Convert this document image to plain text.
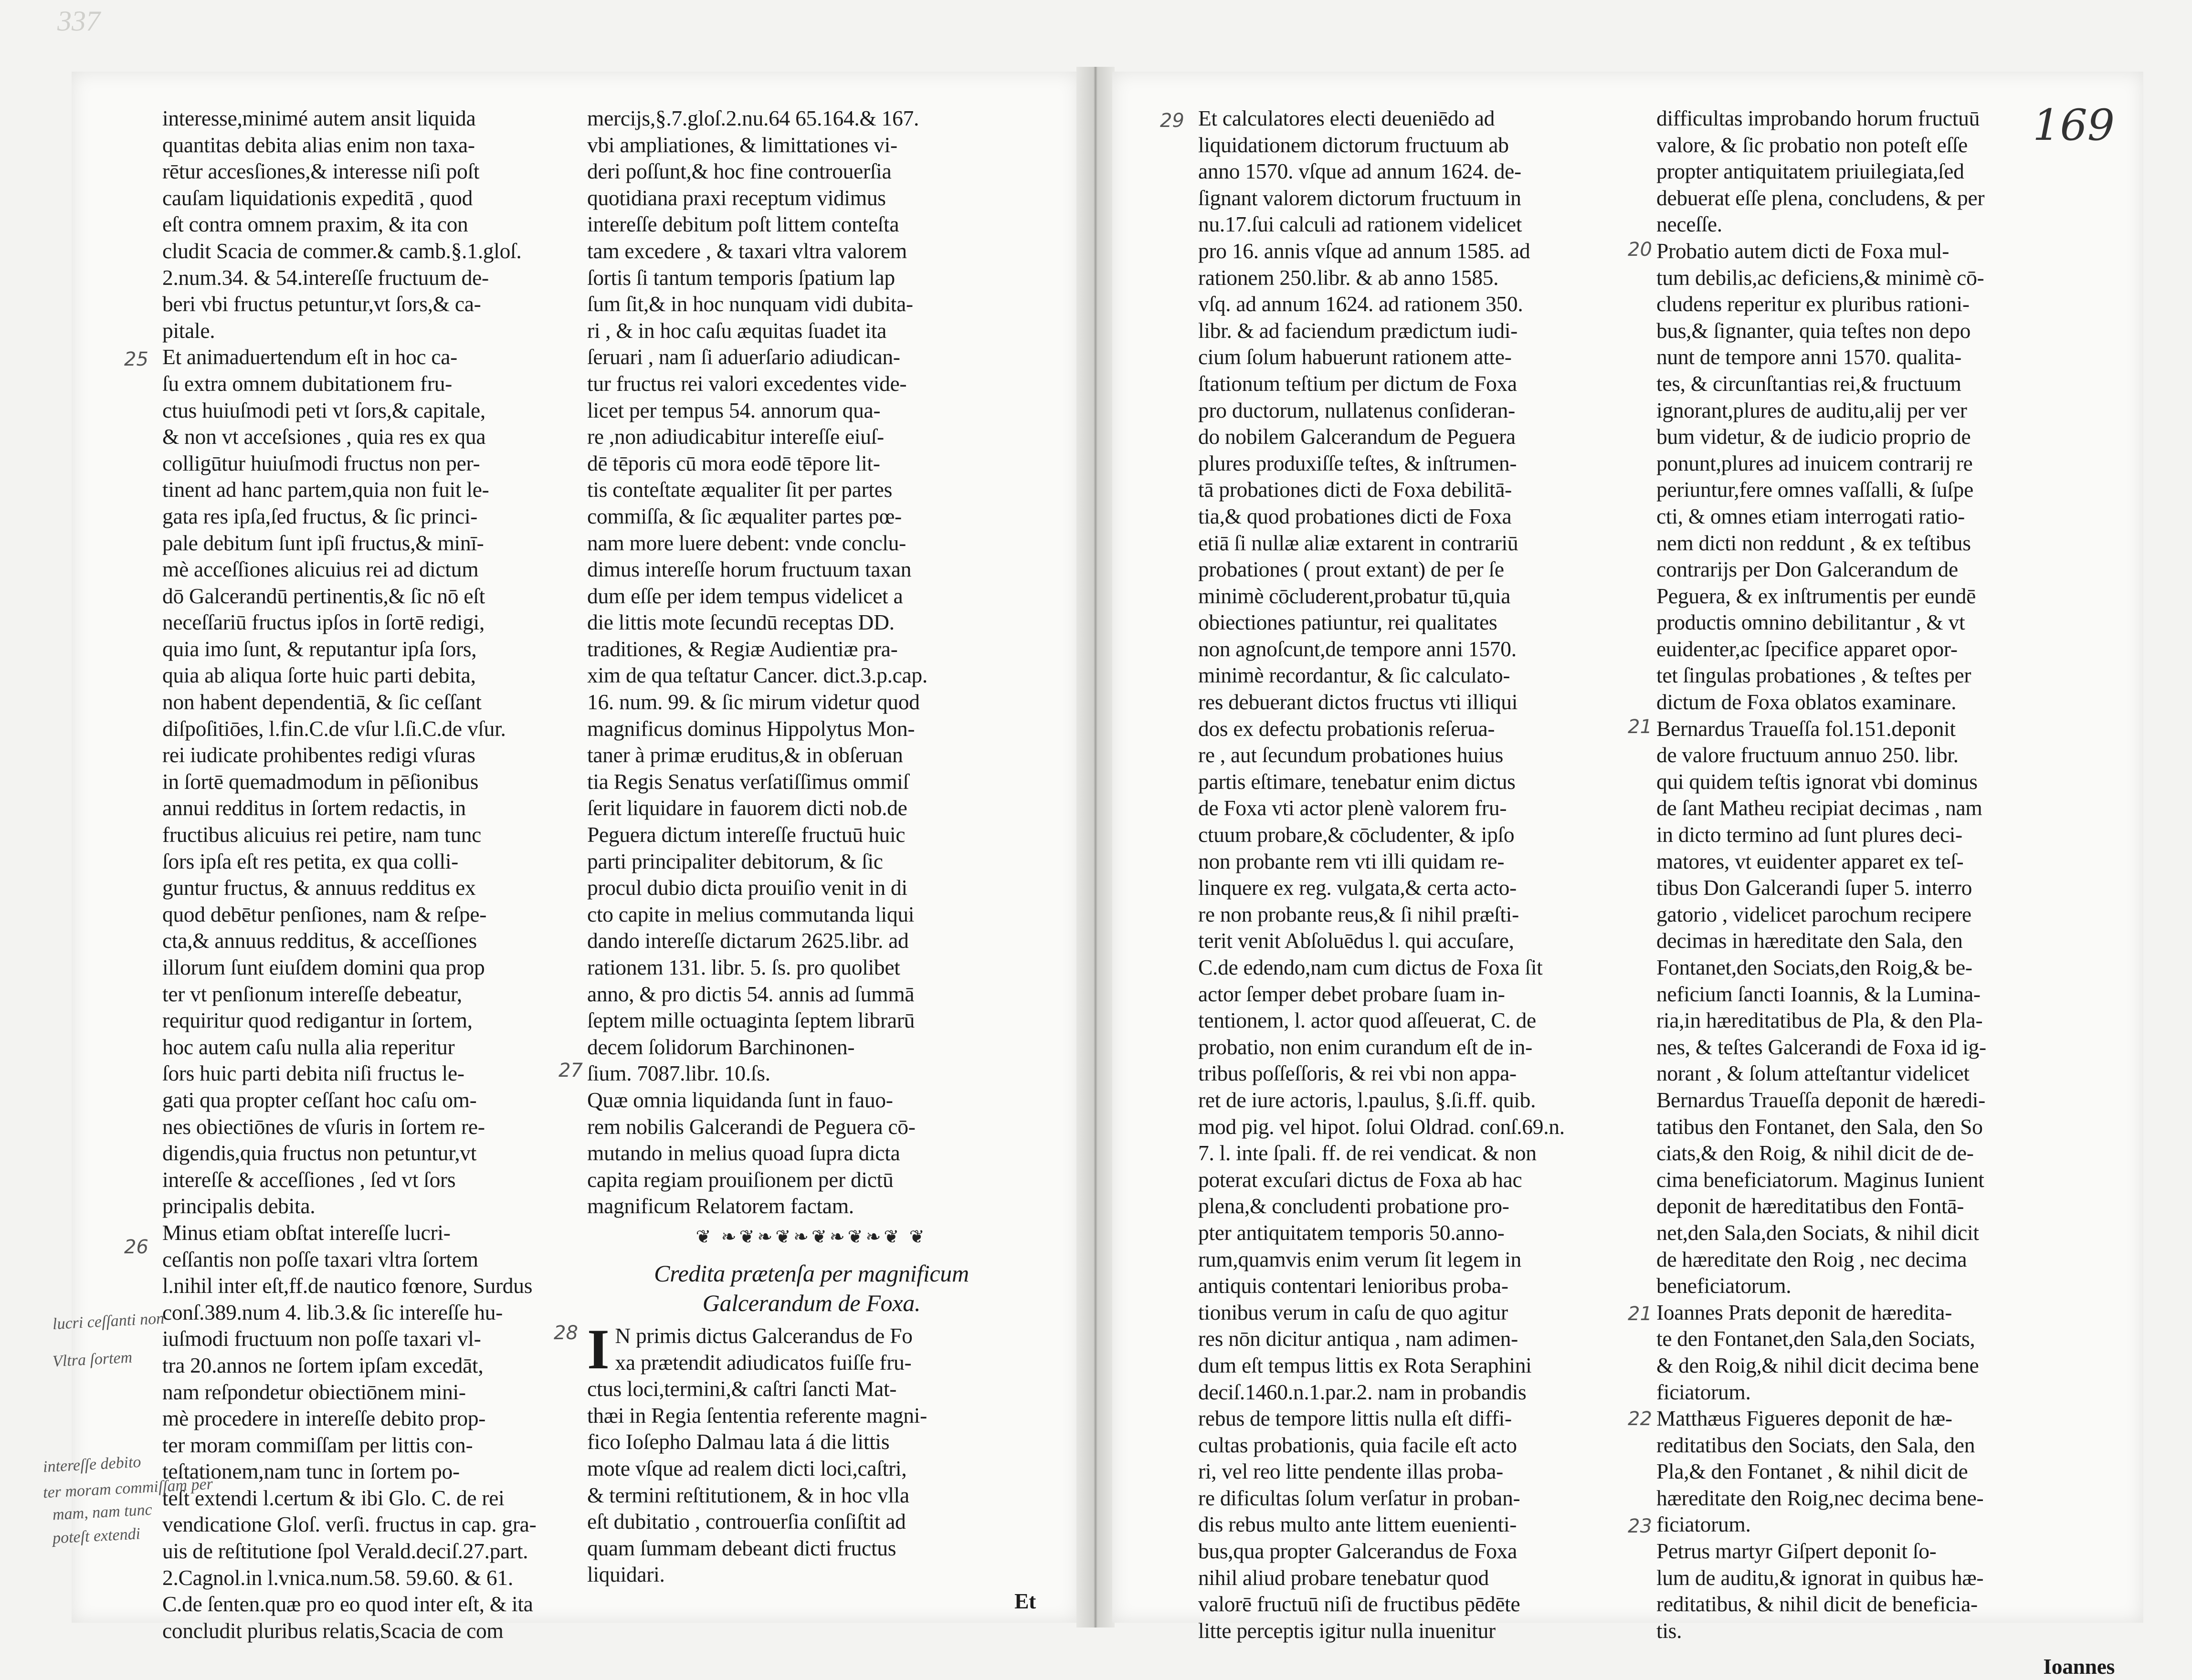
337
interesse,minimé autem ansit liquida
quantitas debita alias enim non taxa-
rētur accesſiones,& interesse niſi poſt
cauſam liquidationis expeditā , quod
eſt contra omnem praxim, & ita con
cludit Scacia de commer.& camb.§.1.gloſ.
2.num.34. & 54.intereſſe fructuum de-
beri vbi fructus petuntur,vt ſors,& ca-
pitale.
Et animaduertendum eſt in hoc ca-
ſu extra omnem dubitationem fru-
ctus huiuſmodi peti vt ſors,& capitale,
& non vt acceſsiones , quia res ex qua
colligūtur huiuſmodi fructus non per-
tinent ad hanc partem,quia non fuit le-
gata res ipſa,ſed fructus, & ſic princi-
pale debitum ſunt ipſi fructus,& minī-
mè acceſſiones alicuius rei ad dictum
dō Galcerandū pertinentis,& ſic nō eſt
neceſſariū fructus ipſos in ſortē redigi,
quia imo ſunt, & reputantur ipſa ſors,
quia ab aliqua ſorte huic parti debita,
non habent dependentiā, & ſic ceſſant
diſpoſitiōes, l.fin.C.de vſur l.ſi.C.de vſur.
rei iudicate prohibentes redigi vſuras
in ſortē quemadmodum in pēſionibus
annui redditus in ſortem redactis, in
fructibus alicuius rei petire, nam tunc
ſors ipſa eſt res petita, ex qua colli-
guntur fructus, & annuus redditus ex
quod debētur penſiones, nam & reſpe-
cta,& annuus redditus, & acceſſiones
illorum ſunt eiuſdem domini qua prop
ter vt penſionum intereſſe debeatur,
requiritur quod redigantur in ſortem,
hoc autem caſu nulla alia reperitur
ſors huic parti debita niſi fructus le-
gati qua propter ceſſant hoc caſu om-
nes obiectiōnes de vſuris in ſortem re-
digendis,quia fructus non petuntur,vt
intereſſe & acceſſiones , ſed vt ſors
principalis debita.
Minus etiam obſtat intereſſe lucri-
ceſſantis non poſſe taxari vltra ſortem
l.nihil inter eſt,ff.de nautico fœnore, Surdus
conſ.389.num 4. lib.3.& ſic intereſſe hu-
iuſmodi fructuum non poſſe taxari vl-
tra 20.annos ne ſortem ipſam excedāt,
nam reſpondetur obiectiōnem mini-
mè procedere in intereſſe debito prop-
ter moram commiſſam per littis con-
teſtationem,nam tunc in ſortem po-
teſt extendi l.certum & ibi Glo. C. de rei
vendicatione Gloſ. verſi. fructus in cap. gra-
uis de reſtitutione ſpol Verald.deciſ.27.part.
2.Cagnol.in l.vnica.num.58. 59.60. & 61.
C.de ſenten.quæ pro eo quod inter eſt, & ita
concludit pluribus relatis,Scacia de com
mercijs,§.7.gloſ.2.nu.64 65.164.& 167.
vbi ampliationes, & limittationes vi-
deri poſſunt,& hoc fine controuerſia
quotidiana praxi receptum vidimus
intereſſe debitum poſt littem conteſta
tam excedere , & taxari vltra valorem
ſortis ſi tantum temporis ſpatium lap
ſum ſit,& in hoc nunquam vidi dubita-
ri , & in hoc caſu æquitas ſuadet ita
ſeruari , nam ſi aduerſario adiudican-
tur fructus rei valori excedentes vide-
licet per tempus 54. annorum qua-
re ,non adiudicabitur intereſſe eiuſ-
dē tēporis cū mora eodē tēpore lit-
tis conteſtate æqualiter ſit per partes
commiſſa, & ſic æqualiter partes pœ-
nam more luere debent: vnde conclu-
dimus intereſſe horum fructuum taxan
dum eſſe per idem tempus videlicet a
die littis mote ſecundū receptas DD.
traditiones, & Regiæ Audientiæ pra-
xim de qua teſtatur Cancer. dict.3.p.cap.
16. num. 99. & ſic mirum videtur quod
magnificus dominus Hippolytus Mon-
taner à primæ eruditus,& in obſeruan
tia Regis Senatus verſatiſſimus ommiſ
ſerit liquidare in fauorem dicti nob.de
Peguera dictum intereſſe fructuū huic
parti principaliter debitorum, & ſic
procul dubio dicta prouiſio venit in di
cto capite in melius commutanda liqui
dando intereſſe dictarum 2625.libr. ad
rationem 131. libr. 5. ſs. pro quolibet
anno, & pro dictis 54. annis ad ſummā
ſeptem mille octuaginta ſeptem librarū
decem ſolidorum Barchinonen-
ſium. 7087.libr. 10.ſs.
Quæ omnia liquidanda ſunt in fauo-
rem nobilis Galcerandi de Peguera cō-
mutando in melius quoad ſupra dicta
capita regiam prouiſionem per dictū
magnificum Relatorem factam.
❦ ❧❦❧❦❧❦❧❦❧❦ ❦
Credita prætenſa per magnificum
Galcerandum de Foxa.
I N primis dictus Galcerandus de Fo
xa prætendit adiudicatos fuiſſe fru-
ctus loci,termini,& caſtri ſancti Mat-
thæi in Regia ſententia referente magni-
fico Ioſepho Dalmau lata á die littis
mote vſque ad realem dicti loci,caſtri,
& termini reſtitutionem, & in hoc vlla
eſt dubitatio , controuerſia conſiſtit ad
quam ſummam debeant dicti fructus
liquidari.
Et
25
26
27
28
lucri ceſſanti non
Vltra ſortem
intereſſe debito
ter moram commiſſam per
mam, nam tunc
poteſt extendi
169
Et calculatores electi deueniēdo ad
liquidationem dictorum fructuum ab
anno 1570. vſque ad annum 1624. de-
ſignant valorem dictorum fructuum in
nu.17.ſui calculi ad rationem videlicet
pro 16. annis vſque ad annum 1585. ad
rationem 250.libr. & ab anno 1585.
vſq. ad annum 1624. ad rationem 350.
libr. & ad faciendum prædictum iudi-
cium ſolum habuerunt rationem atte-
ſtationum teſtium per dictum de Foxa
pro ductorum, nullatenus conſideran-
do nobilem Galcerandum de Peguera
plures produxiſſe teſtes, & inſtrumen-
tā probationes dicti de Foxa debilitā-
tia,& quod probationes dicti de Foxa
etiā ſi nullæ aliæ extarent in contrariū
probationes ( prout extant) de per ſe
minimè cōcluderent,probatur tū,quia
obiectiones patiuntur, rei qualitates
non agnoſcunt,de tempore anni 1570.
minimè recordantur, & ſic calculato-
res debuerant dictos fructus vti illiqui
dos ex defectu probationis reſerua-
re , aut ſecundum probationes huius
partis eſtimare, tenebatur enim dictus
de Foxa vti actor plenè valorem fru-
ctuum probare,& cōcludenter, & ipſo
non probante rem vti illi quidam re-
linquere ex reg. vulgata,& certa acto-
re non probante reus,& ſi nihil præſti-
terit venit Abſoluēdus l. qui accuſare,
C.de edendo,nam cum dictus de Foxa ſit
actor ſemper debet probare ſuam in-
tentionem, l. actor quod aſſeuerat, C. de
probatio, non enim curandum eſt de in-
tribus poſſeſſoris, & rei vbi non appa-
ret de iure actoris, l.paulus, §.ſi.ff. quib.
mod pig. vel hipot. ſolui Oldrad. conſ.69.n.
7. l. inte ſpali. ff. de rei vendicat. & non
poterat excuſari dictus de Foxa ab hac
plena,& concludenti probatione pro-
pter antiquitatem temporis 50.anno-
rum,quamvis enim verum ſit legem in
antiquis contentari lenioribus proba-
tionibus verum in caſu de quo agitur
res nōn dicitur antiqua , nam adimen-
dum eſt tempus littis ex Rota Seraphini
deciſ.1460.n.1.par.2. nam in probandis
rebus de tempore littis nulla eſt diffi-
cultas probationis, quia facile eſt acto
ri, vel reo litte pendente illas proba-
re dificultas ſolum verſatur in proban-
dis rebus multo ante littem euenienti-
bus,qua propter Galcerandus de Foxa
nihil aliud probare tenebatur quod
valorē fructuū niſi de fructibus pēdēte
litte perceptis igitur nulla inuenitur
difficultas improbando horum fructuū
valore, & ſic probatio non poteſt eſſe
propter antiquitatem priuilegiata,ſed
debuerat eſſe plena, concludens, & per
neceſſe.
Probatio autem dicti de Foxa mul-
tum debilis,ac deficiens,& minimè cō-
cludens reperitur ex pluribus rationi-
bus,& ſignanter, quia teſtes non depo
nunt de tempore anni 1570. qualita-
tes, & circunſtantias rei,& fructuum
ignorant,plures de auditu,alij per ver
bum videtur, & de iudicio proprio de
ponunt,plures ad inuicem contrarij re
periuntur,fere omnes vaſſalli, & ſuſpe
cti, & omnes etiam interrogati ratio-
nem dicti non reddunt , & ex teſtibus
contrarijs per Don Galcerandum de
Peguera, & ex inſtrumentis per eundē
productis omnino debilitantur , & vt
euidenter,ac ſpecifice apparet opor-
tet ſingulas probationes , & teſtes per
dictum de Foxa oblatos examinare.
Bernardus Traueſſa fol.151.deponit
de valore fructuum annuo 250. libr.
qui quidem teſtis ignorat vbi dominus
de ſant Matheu recipiat decimas , nam
in dicto termino ad ſunt plures deci-
matores, vt euidenter apparet ex teſ-
tibus Don Galcerandi ſuper 5. interro
gatorio , videlicet parochum recipere
decimas in hæreditate den Sala, den
Fontanet,den Sociats,den Roig,& be-
neficium ſancti Ioannis, & la Lumina-
ria,in hæreditatibus de Pla, & den Pla-
nes, & teſtes Galcerandi de Foxa id ig-
norant , & ſolum atteſtantur videlicet
Bernardus Traueſſa deponit de hæredi-
tatibus den Fontanet, den Sala, den So
ciats,& den Roig, & nihil dicit de de-
cima beneficiatorum. Maginus Iunient
deponit de hæreditatibus den Fontā-
net,den Sala,den Sociats, & nihil dicit
de hæreditate den Roig , nec decima
beneficiatorum.
Ioannes Prats deponit de hæredita-
te den Fontanet,den Sala,den Sociats,
& den Roig,& nihil dicit decima bene
ficiatorum.
Matthæus Figueres deponit de hæ-
reditatibus den Sociats, den Sala, den
Pla,& den Fontanet , & nihil dicit de
hæreditate den Roig,nec decima bene-
ficiatorum.
Petrus martyr Giſpert deponit ſo-
lum de auditu,& ignorat in quibus hæ-
reditatibus, & nihil dicit de beneficia-
tis.
Ioannes
29
20
21
21
22
23
